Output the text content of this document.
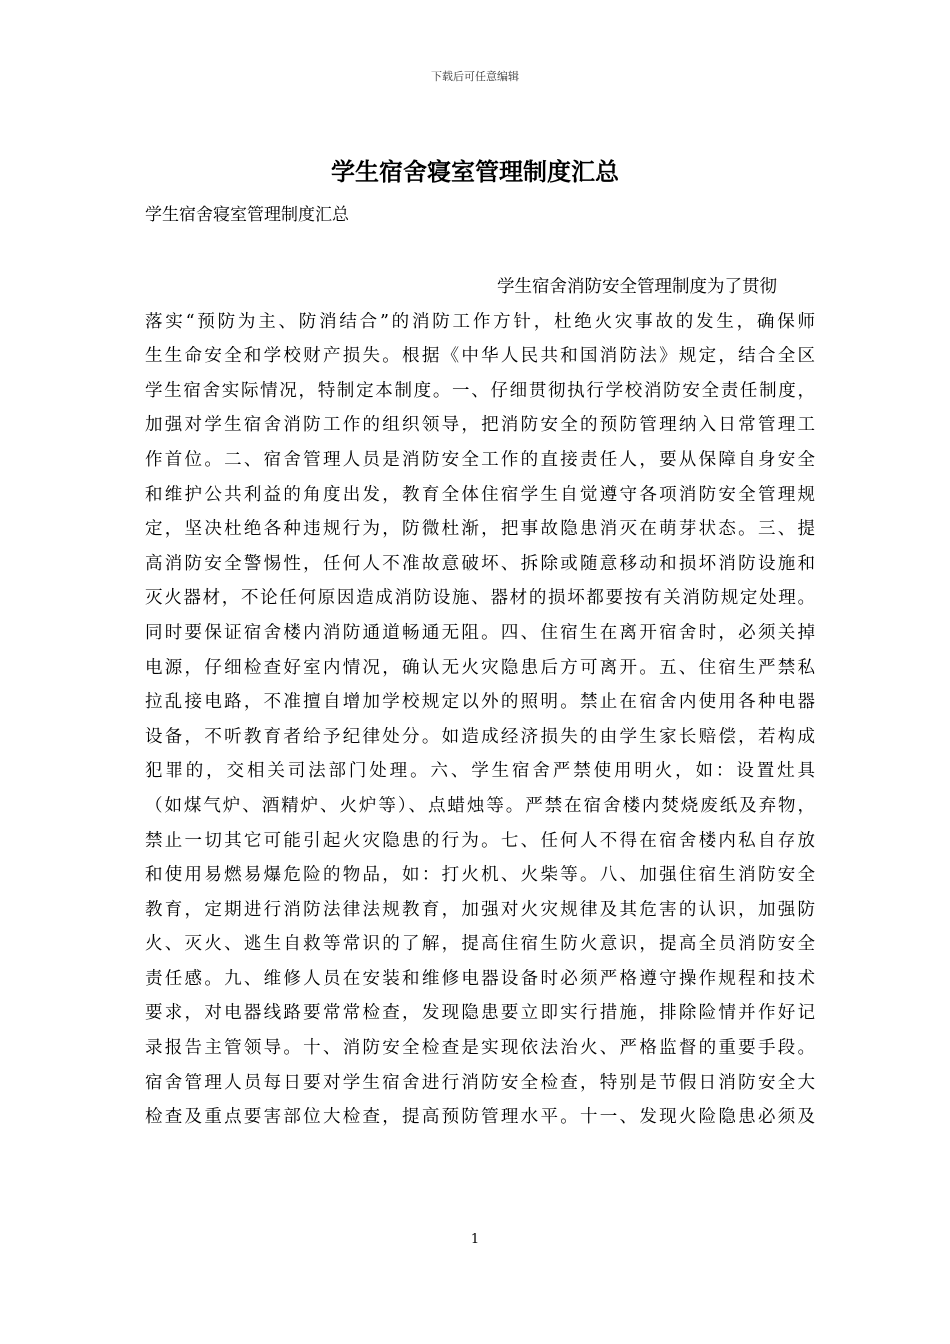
下载后可任意编辑
学生宿舍寝室管理制度汇总
学生宿舍寝室管理制度汇总
学生宿舍消防安全管理制度为了贯彻
落实“预防为主、防消结合”的消防工作方针，杜绝火灾事故的发生，确保师
生生命安全和学校财产损失。根据《中华人民共和国消防法》规定，结合全区
学生宿舍实际情况，特制定本制度。一、仔细贯彻执行学校消防安全责任制度，
加强对学生宿舍消防工作的组织领导，把消防安全的预防管理纳入日常管理工
作首位。二、宿舍管理人员是消防安全工作的直接责任人，要从保障自身安全
和维护公共利益的角度出发，教育全体住宿学生自觉遵守各项消防安全管理规
定，坚决杜绝各种违规行为，防微杜渐，把事故隐患消灭在萌芽状态。三、提
高消防安全警惕性，任何人不准故意破坏、拆除或随意移动和损坏消防设施和
灭火器材，不论任何原因造成消防设施、器材的损坏都要按有关消防规定处理。
同时要保证宿舍楼内消防通道畅通无阻。四、住宿生在离开宿舍时，必须关掉
电源，仔细检查好室内情况，确认无火灾隐患后方可离开。五、住宿生严禁私
拉乱接电路，不准擅自增加学校规定以外的照明。禁止在宿舍内使用各种电器
设备，不听教育者给予纪律处分。如造成经济损失的由学生家长赔偿，若构成
犯罪的，交相关司法部门处理。六、学生宿舍严禁使用明火，如：设置灶具
（如煤气炉、酒精炉、火炉等）、点蜡烛等。严禁在宿舍楼内焚烧废纸及弃物，
禁止一切其它可能引起火灾隐患的行为。七、任何人不得在宿舍楼内私自存放
和使用易燃易爆危险的物品，如：打火机、火柴等。八、加强住宿生消防安全
教育，定期进行消防法律法规教育，加强对火灾规律及其危害的认识，加强防
火、灭火、逃生自救等常识的了解，提高住宿生防火意识，提高全员消防安全
责任感。九、维修人员在安装和维修电器设备时必须严格遵守操作规程和技术
要求，对电器线路要常常检查，发现隐患要立即实行措施，排除险情并作好记
录报告主管领导。十、消防安全检查是实现依法治火、严格监督的重要手段。
宿舍管理人员每日要对学生宿舍进行消防安全检查，特别是节假日消防安全大
检查及重点要害部位大检查，提高预防管理水平。十一、发现火险隐患必须及
1
